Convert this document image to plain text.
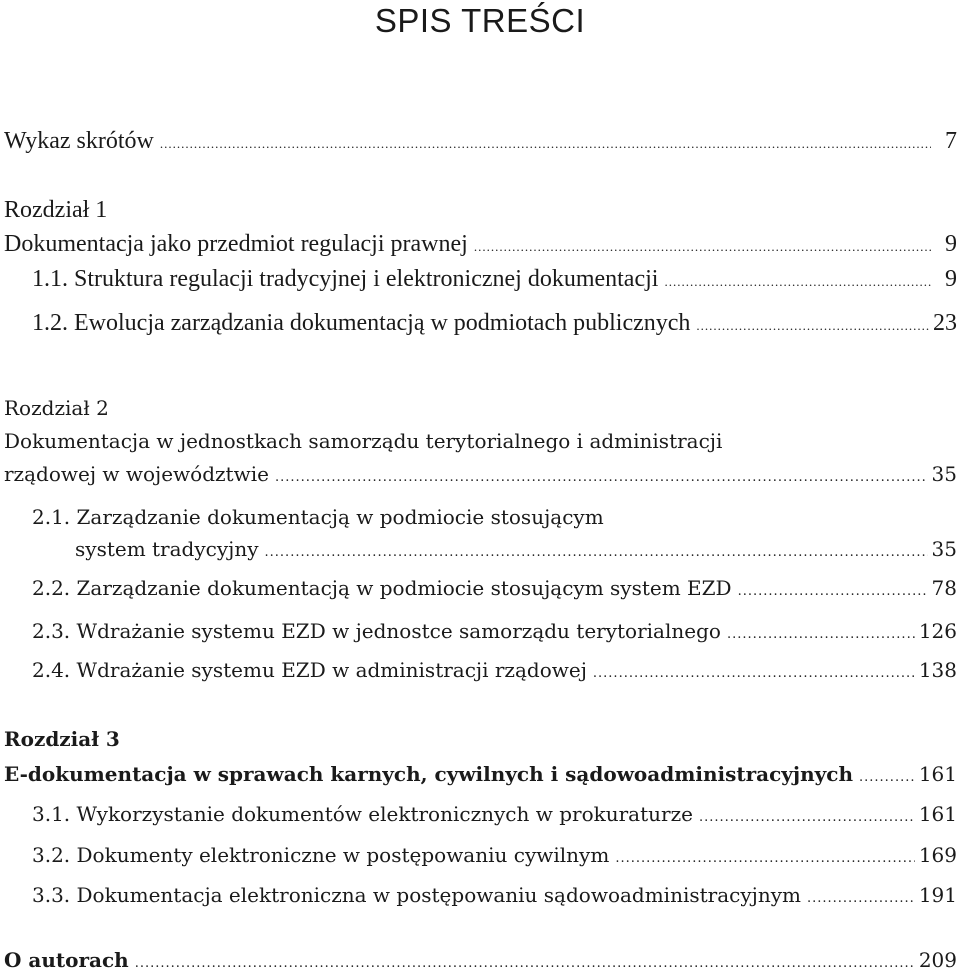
SPIS TREŚCI
Wykaz skrótów .....	7
Rozdział 1
Dokumentacja jako przedmiot regulacji prawnej .....	9
1.1. Struktura regulacji tradycyjnej i elektronicznej dokumentacji .....	9
1.2. Ewolucja zarządzania dokumentacją w podmiotach publicznych .....	23
Rozdział 2
Dokumentacja w jednostkach samorządu terytorialnego i administracji
rządowej w województwie .....	35
2.1. Zarządzanie dokumentacją w podmiocie stosującym
system tradycyjny .....	35
2.2. Zarządzanie dokumentacją w podmiocie stosującym system EZD .....	78
2.3. Wdrażanie systemu EZD w jednostce samorządu terytorialnego .....	126
2.4. Wdrażanie systemu EZD w administracji rządowej .....	138
Rozdział 3
E-dokumentacja w sprawach karnych, cywilnych i sądowoadministracyjnych .....	161
3.1. Wykorzystanie dokumentów elektronicznych w prokuraturze .....	161
3.2. Dokumenty elektroniczne w postępowaniu cywilnym .....	169
3.3. Dokumentacja elektroniczna w postępowaniu sądowoadministracyjnym .....	191
O autorach .....	209
